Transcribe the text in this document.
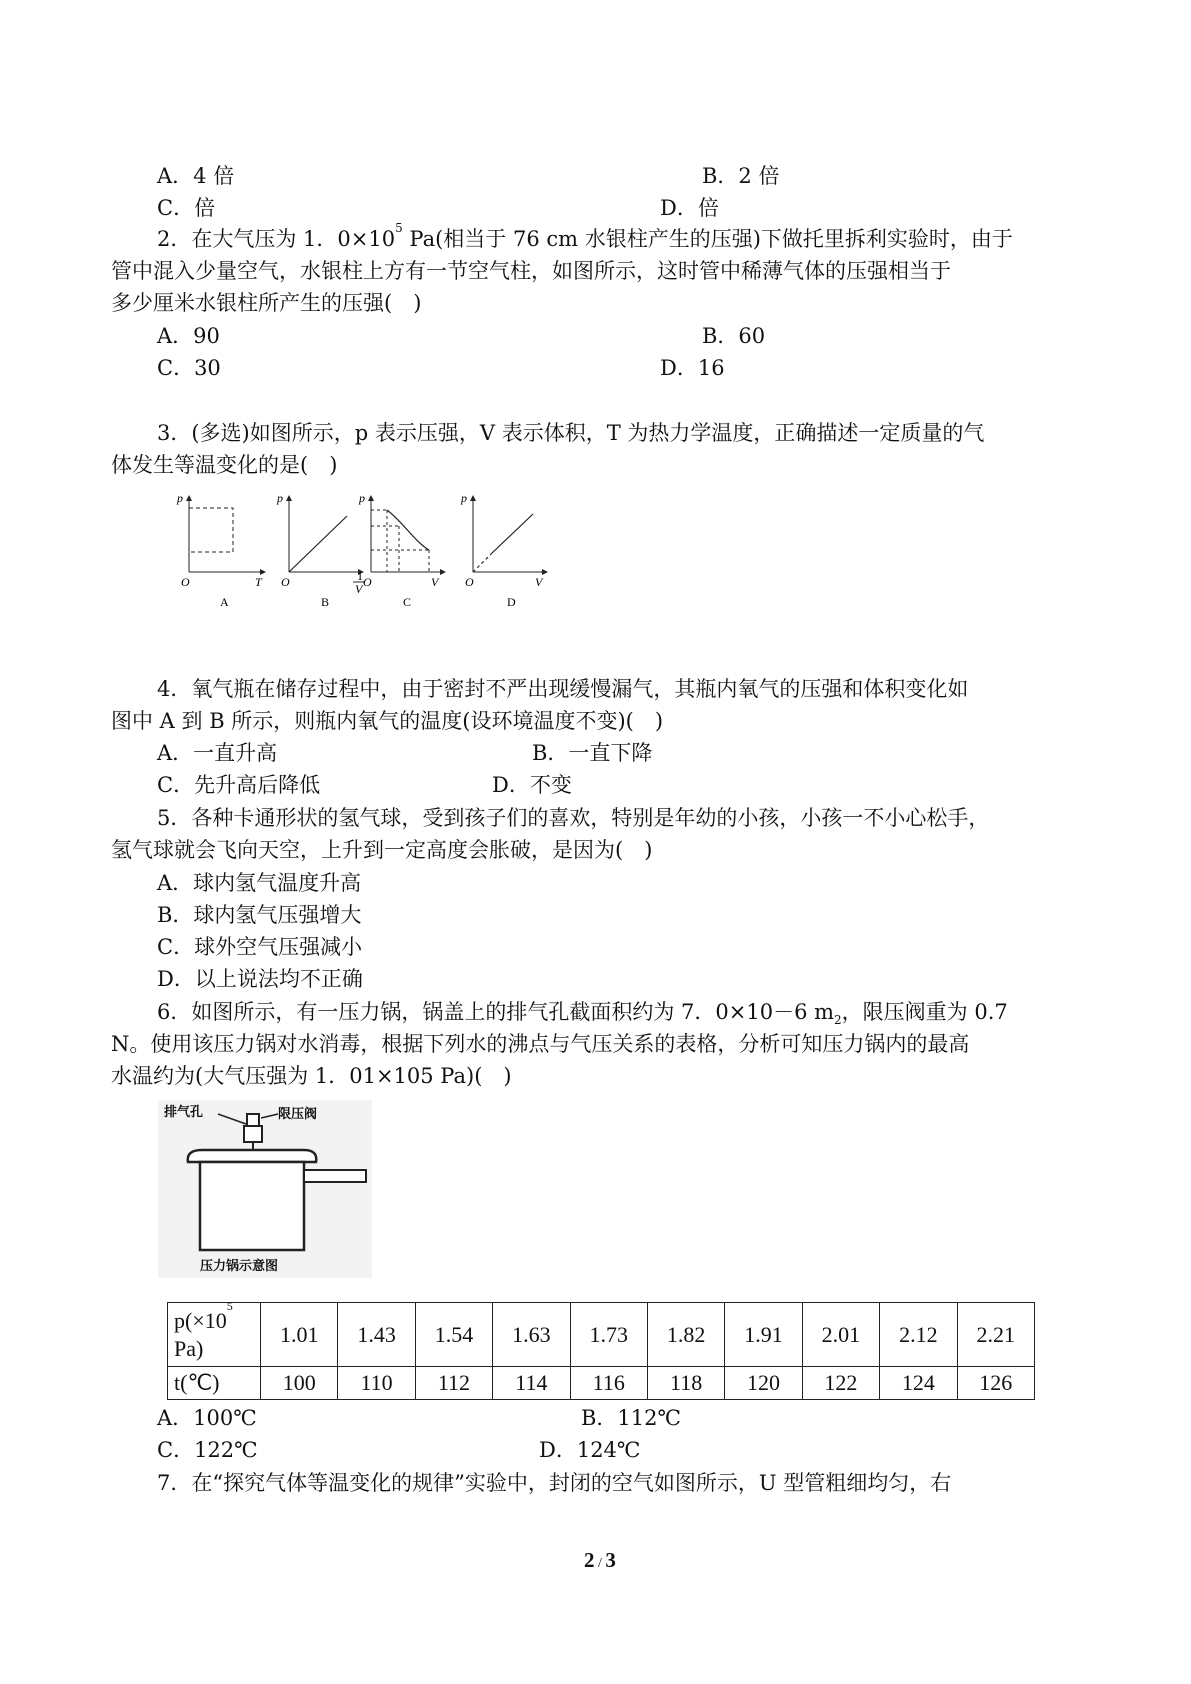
A．4 倍	B．2 倍
C．倍	D．倍
2．在大气压为 1．$0\times 10^5$ Pa(相当于 76 cm 水银柱产生的压强)下做托里拆利实验时，由于
管中混入少量空气，水银柱上方有一节空气柱，如图所示，这时管中稀薄气体的压强相当于
多少厘米水银柱所产生的压强(　)
A．90	B．60
C．30	D．16
3．(多选)如图所示，p 表示压强，V 表示体积，T 为热力学温度，正确描述一定质量的气
体发生等温变化的是(　)
p
O	T
A
p
O	1
V
B
p
O	V
C
p
O	V
D
4．氧气瓶在储存过程中，由于密封不严出现缓慢漏气，其瓶内氧气的压强和体积变化如
图中 A 到 B 所示，则瓶内氧气的温度(设环境温度不变)(　)
A．一直升高	B．一直下降
C．先升高后降低	D．不变
5．各种卡通形状的氢气球，受到孩子们的喜欢，特别是年幼的小孩，小孩一不小心松手，
氢气球就会飞向天空，上升到一定高度会胀破，是因为(　)
A．球内氢气温度升高
B．球内氢气压强增大
C．球外空气压强减小
D．以上说法均不正确
6．如图所示，有一压力锅，锅盖上的排气孔截面积约为 7．0×10－6 $m_2$，限压阀重为 0.7
N。使用该压力锅对水消毒，根据下列水的沸点与气压关系的表格，分析可知压力锅内的最高
水温约为(大气压强为 1．01×105 Pa)(　)
排气孔	限压阀
压力锅示意图
$p(\times 10^5$
Pa)	1.01	1.43	1.54	1.63	1.73	1.82	1.91	2.01	2.12	2.21
t(℃)	100	110	112	114	116	118	120	122	124	126
A．100℃	B．112℃
C．122℃	D．124℃
7．在“探究气体等温变化的规律”实验中，封闭的空气如图所示，U 型管粗细均匀，右
2 / 3
